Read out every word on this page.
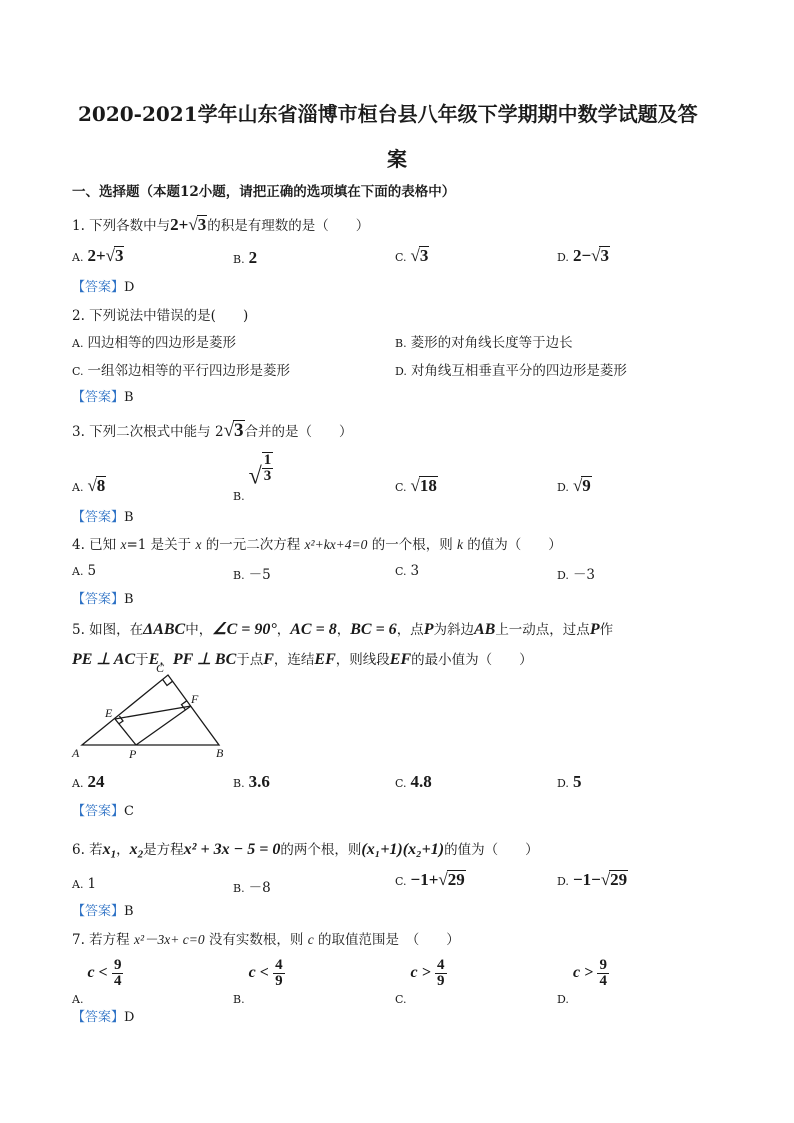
2020-2021学年山东省淄博市桓台县八年级下学期期中数学试题及答
案
一、选择题（本题12小题，请把正确的选项填在下面的表格中）
1. 下列各数中与2+√3的积是有理数的是（　　）
A. 2+√3	B. 2	C. √3	D. 2−√3
【答案】D
2. 下列说法中错误的是(　　)
A. 四边相等的四边形是菱形	B. 菱形的对角线长度等于边长
C. 一组邻边相等的平行四边形是菱形	D. 对角线互相垂直平分的四边形是菱形
【答案】B
3. 下列二次根式中能与 2√3合并的是（　　）
A. √8
$_{B.}√ \frac{1}{3}$
C. √18	D. √9
【答案】B
4. 已知 x=1 是关于 x 的一元二次方程 x²+kx+4=0 的一个根，则 k 的值为（　　）
A. 5	B. －5	C. 3	D. －3
【答案】B
5. 如图，在ΔABC中，∠C = 90°，AC = 8，BC = 6，点P为斜边AB上一动点，过点P作
PE ⊥ AC于E，PF ⊥ BC于点F，连结EF，则线段EF的最小值为（　　）
C
E
F
A	P	B
A. 24	B. 3.6	C. 4.8	D. 5
【答案】C
6. 若$x_1$，$x_2$是方程x² + 3x − 5 = 0的两个根，则(x₁+1)(x₂+1)的值为（　　）
A. 1	B. －8	C. −1+√29	D. −1−√29
【答案】B
7. 若方程 x²－3x+ c=0 没有实数根，则 c 的取值范围是　（　　）
$_{A.}c < \frac{9}{4}$
$_{B.}c < \frac{4}{9}$
$_{C.}c > \frac{4}{9}$
$_{D.}c > \frac{9}{4}$
【答案】D
